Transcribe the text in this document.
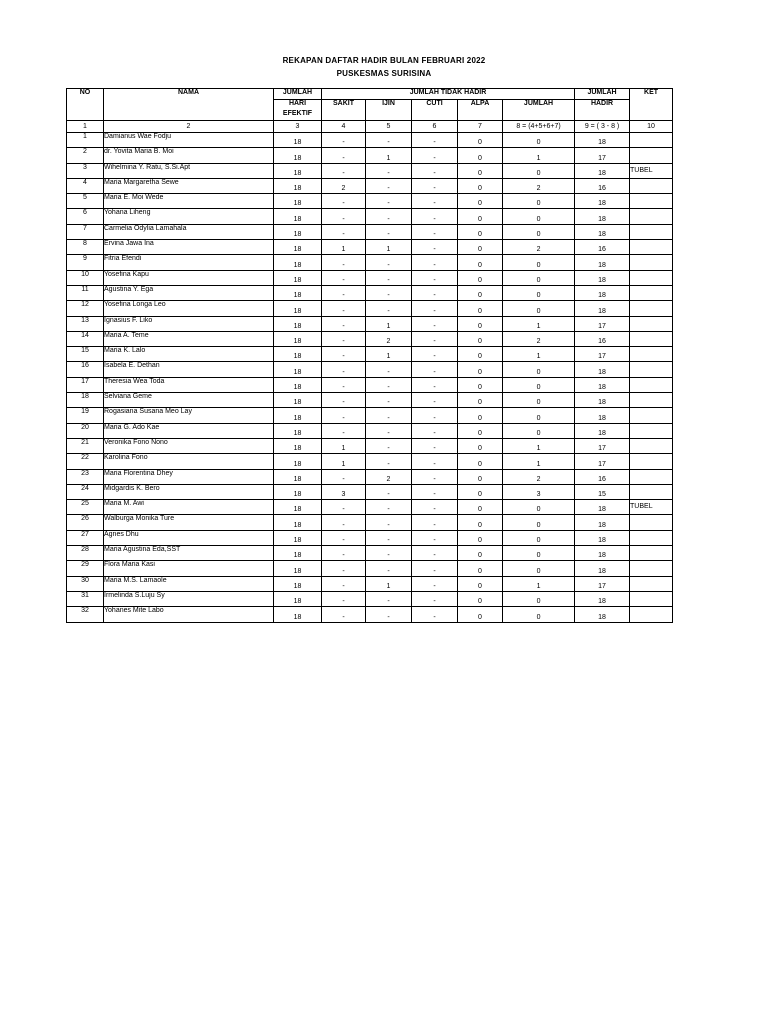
REKAPAN DAFTAR HADIR BULAN FEBRUARI 2022
PUSKESMAS SURISINA
NO	NAMA	JUMLAH	JUMLAH TIDAK HADIR					JUMLAH	KET
		HARI	SAKIT	IJIN	CUTI	ALPA	JUMLAH	HADIR	
		EFEKTIF							
1	2	3	4	5	6	7	8 = (4+5+6+7)	9 = ( 3 - 8 )	10
1	Damianus Wae Fodju	18	-	-	-	0	0	18	
2	dr. Yovita Maria B. Moi	18	-	1	-	0	1	17	
3	Wihelmina Y. Ratu, S.Si.Apt	18	-	-	-	0	0	18	TUBEL
4	Maria Margaretha Sewe	18	2	-	-	0	2	16	
5	Maria E. Moi Wede	18	-	-	-	0	0	18	
6	Yohana Liheng	18	-	-	-	0	0	18	
7	Carmelia Odylia Lamahala	18	-	-	-	0	0	18	
8	Ervina Jawa Ina	18	1	1	-	0	2	16	
9	Fitria Efendi	18	-	-	-	0	0	18	
10	Yosefina Kapu	18	-	-	-	0	0	18	
11	Agustina Y. Ega	18	-	-	-	0	0	18	
12	Yosefina Longa Leo	18	-	-	-	0	0	18	
13	Ignasius F. Liko	18	-	1	-	0	1	17	
14	Maria A. Teme	18	-	2	-	0	2	16	
15	Maria K. Lalo	18	-	1	-	0	1	17	
16	Isabela E. Dethan	18	-	-	-	0	0	18	
17	Theresia Wea Toda	18	-	-	-	0	0	18	
18	Selviana Geme	18	-	-	-	0	0	18	
19	Rogasiana Susana Meo Lay	18	-	-	-	0	0	18	
20	Maria G. Ado Kae	18	-	-	-	0	0	18	
21	Veronika Fono Nono	18	1	-	-	0	1	17	
22	Karolina Fono	18	1	-	-	0	1	17	
23	Maria Florentina Dhey	18	-	2	-	0	2	16	
24	Midgardis K. Bero	18	3	-	-	0	3	15	
25	Maria M. Awi	18	-	-	-	0	0	18	TUBEL
26	Walburga Monika Ture	18	-	-	-	0	0	18	
27	Agnes Dhu	18	-	-	-	0	0	18	
28	Maria Agustina Eda,SST	18	-	-	-	0	0	18	
29	Flora Maria Kasi	18	-	-	-	0	0	18	
30	Maria M.S. Lamaole	18	-	1	-	0	1	17	
31	Irmelinda S.Luju Sy	18	-	-	-	0	0	18	
32	Yohanes Mite Labo	18	-	-	-	0	0	18	
